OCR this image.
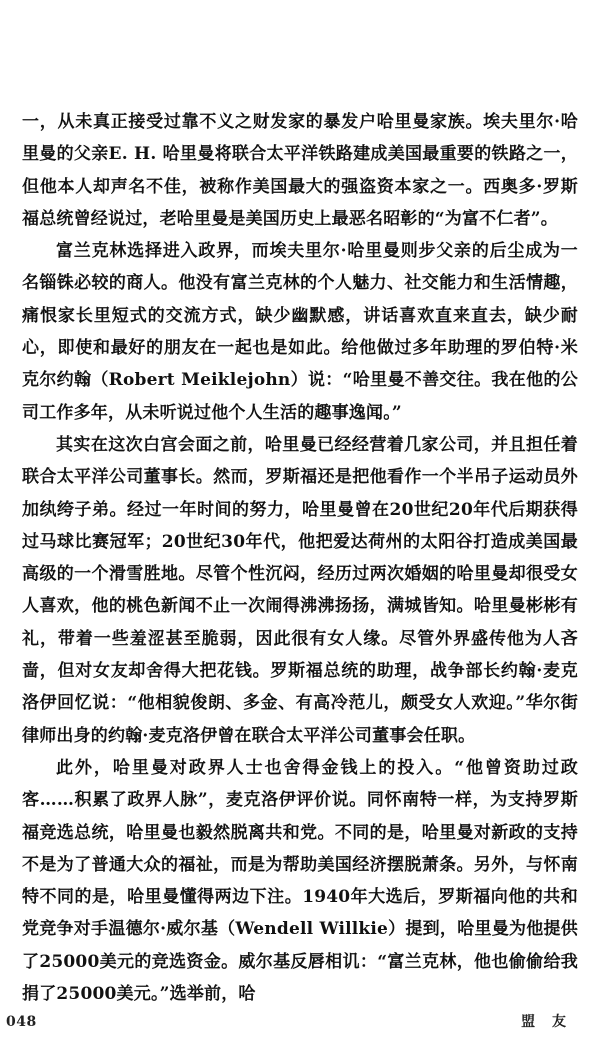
一，从未真正接受过靠不义之财发家的暴发户哈里曼家族。埃夫里尔·哈里曼的父亲E. H. 哈里曼将联合太平洋铁路建成美国最重要的铁路之一，但他本人却声名不佳，被称作美国最大的强盗资本家之一。西奥多·罗斯福总统曾经说过，老哈里曼是美国历史上最恶名昭彰的“为富不仁者”。

富兰克林选择进入政界，而埃夫里尔·哈里曼则步父亲的后尘成为一名锱铢必较的商人。他没有富兰克林的个人魅力、社交能力和生活情趣，痛恨家长里短式的交流方式，缺少幽默感，讲话喜欢直来直去，缺少耐心，即使和最好的朋友在一起也是如此。给他做过多年助理的罗伯特·米克尔约翰（Robert Meiklejohn）说：“哈里曼不善交往。我在他的公司工作多年，从未听说过他个人生活的趣事逸闻。”

其实在这次白宫会面之前，哈里曼已经经营着几家公司，并且担任着联合太平洋公司董事长。然而，罗斯福还是把他看作一个半吊子运动员外加纨绔子弟。经过一年时间的努力，哈里曼曾在20世纪20年代后期获得过马球比赛冠军；20世纪30年代，他把爱达荷州的太阳谷打造成美国最高级的一个滑雪胜地。尽管个性沉闷，经历过两次婚姻的哈里曼却很受女人喜欢，他的桃色新闻不止一次闹得沸沸扬扬，满城皆知。哈里曼彬彬有礼，带着一些羞涩甚至脆弱，因此很有女人缘。尽管外界盛传他为人吝啬，但对女友却舍得大把花钱。罗斯福总统的助理，战争部长约翰·麦克洛伊回忆说：“他相貌俊朗、多金、有高冷范儿，颇受女人欢迎。”华尔街律师出身的约翰·麦克洛伊曾在联合太平洋公司董事会任职。

此外，哈里曼对政界人士也舍得金钱上的投入。“他曾资助过政客……积累了政界人脉”，麦克洛伊评价说。同怀南特一样，为支持罗斯福竞选总统，哈里曼也毅然脱离共和党。不同的是，哈里曼对新政的支持不是为了普通大众的福祉，而是为帮助美国经济摆脱萧条。另外，与怀南特不同的是，哈里曼懂得两边下注。1940年大选后，罗斯福向他的共和党竞争对手温德尔·威尔基（Wendell Willkie）提到，哈里曼为他提供了25000美元的竞选资金。威尔基反唇相讥：“富兰克林，他也偷偷给我捐了25000美元。”选举前，哈

048	盟 友
